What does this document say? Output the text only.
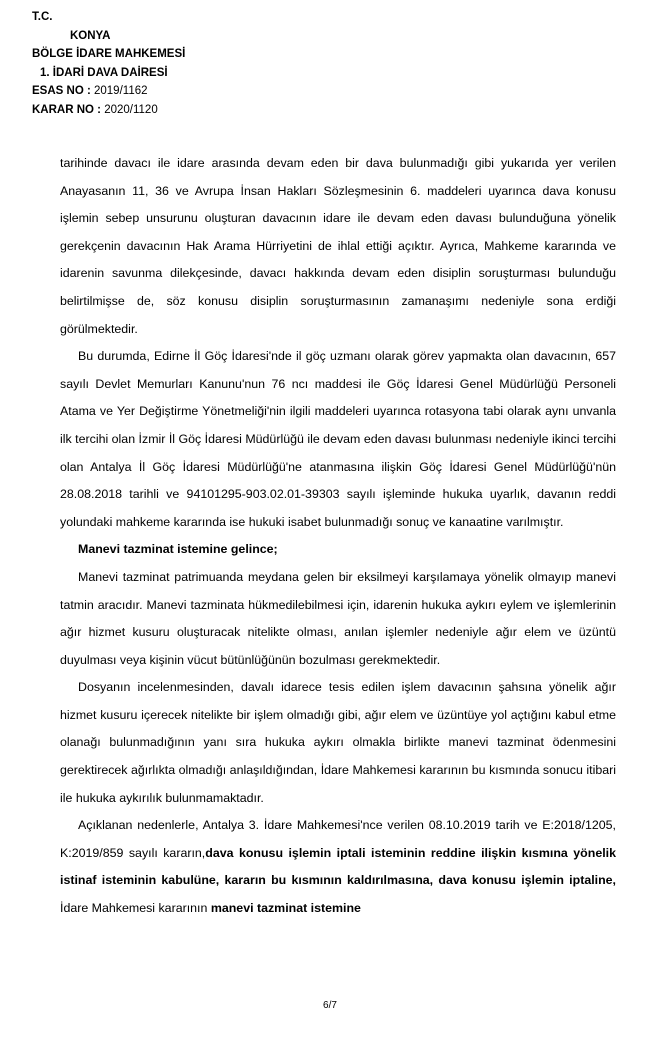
T.C.
KONYA
BÖLGE İDARE MAHKEMESİ
1. İDARİ DAVA DAİRESİ
ESAS NO : 2019/1162
KARAR NO : 2020/1120

tarihinde davacı ile idare arasında devam eden bir dava bulunmadığı gibi yukarıda yer verilen Anayasanın 11, 36 ve Avrupa İnsan Hakları Sözleşmesinin 6. maddeleri uyarınca dava konusu işlemin sebep unsurunu oluşturan davacının idare ile devam eden davası bulunduğuna yönelik gerekçenin davacının Hak Arama Hürriyetini de ihlal ettiği açıktır. Ayrıca, Mahkeme kararında ve idarenin savunma dilekçesinde, davacı hakkında devam eden disiplin soruşturması bulunduğu belirtilmişse de, söz konusu disiplin soruşturmasının zamanaşımı nedeniyle sona erdiği görülmektedir.

Bu durumda, Edirne İl Göç İdaresi'nde il göç uzmanı olarak görev yapmakta olan davacının, 657 sayılı Devlet Memurları Kanunu'nun 76 ncı maddesi ile Göç İdaresi Genel Müdürlüğü Personeli Atama ve Yer Değiştirme Yönetmeliği'nin ilgili maddeleri uyarınca rotasyona tabi olarak aynı unvanla ilk tercihi olan İzmir İl Göç İdaresi Müdürlüğü ile devam eden davası bulunması nedeniyle ikinci tercihi olan Antalya İl Göç İdaresi Müdürlüğü'ne atanmasına ilişkin Göç İdaresi Genel Müdürlüğü'nün 28.08.2018 tarihli ve 94101295-903.02.01-39303 sayılı işleminde hukuka uyarlık, davanın reddi yolundaki mahkeme kararında ise hukuki isabet bulunmadığı sonuç ve kanaatine varılmıştır.

Manevi tazminat istemine gelince;

Manevi tazminat patrimuanda meydana gelen bir eksilmeyi karşılamaya yönelik olmayıp manevi tatmin aracıdır. Manevi tazminata hükmedilebilmesi için, idarenin hukuka aykırı eylem ve işlemlerinin ağır hizmet kusuru oluşturacak nitelikte olması, anılan işlemler nedeniyle ağır elem ve üzüntü duyulması veya kişinin vücut bütünlüğünün bozulması gerekmektedir.

Dosyanın incelenmesinden, davalı idarece tesis edilen işlem davacının şahsına yönelik ağır hizmet kusuru içerecek nitelikte bir işlem olmadığı gibi, ağır elem ve üzüntüye yol açtığını kabul etme olanağı bulunmadığının yanı sıra hukuka aykırı olmakla birlikte manevi tazminat ödenmesini gerektirecek ağırlıkta olmadığı anlaşıldığından, İdare Mahkemesi kararının bu kısmında sonucu itibari ile hukuka aykırılık bulunmamaktadır.

Açıklanan nedenlerle, Antalya 3. İdare Mahkemesi'nce verilen 08.10.2019 tarih ve E:2018/1205, K:2019/859 sayılı kararın,dava konusu işlemin iptali isteminin reddine ilişkin kısmına yönelik istinaf isteminin kabulüne, kararın bu kısmının kaldırılmasına, dava konusu işlemin iptaline, İdare Mahkemesi kararının manevi tazminat istemine

6/7
